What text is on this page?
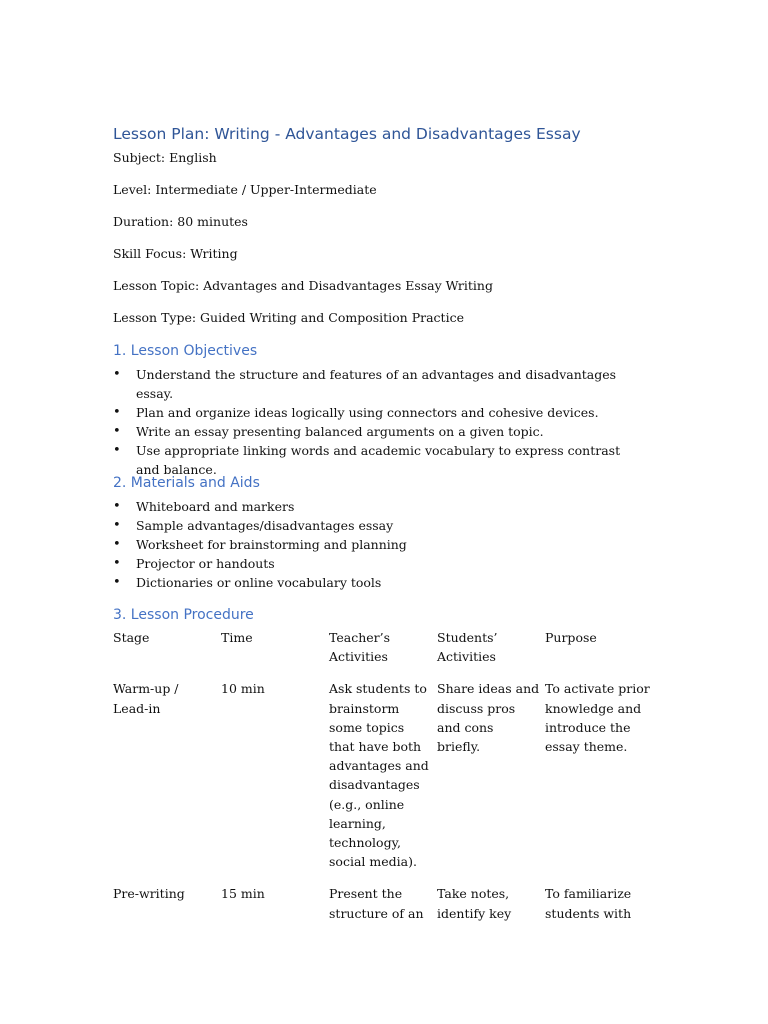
Lesson Plan: Writing - Advantages and Disadvantages Essay

Subject: English

Level: Intermediate / Upper-Intermediate

Duration: 80 minutes

Skill Focus: Writing

Lesson Topic: Advantages and Disadvantages Essay Writing

Lesson Type: Guided Writing and Composition Practice

1. Lesson Objectives
• Understand the structure and features of an advantages and disadvantages essay.
• Plan and organize ideas logically using connectors and cohesive devices.
• Write an essay presenting balanced arguments on a given topic.
• Use appropriate linking words and academic vocabulary to express contrast and balance.
2. Materials and Aids
• Whiteboard and markers
• Sample advantages/disadvantages essay
• Worksheet for brainstorming and planning
• Projector or handouts
• Dictionaries or online vocabulary tools
3. Lesson Procedure
Stage	Time	Teacher’s Activities	Students’ Activities	Purpose
Warm-up / Lead-in	10 min	Ask students to brainstorm some topics that have both advantages and disadvantages (e.g., online learning, technology, social media).	Share ideas and discuss pros and cons briefly.	To activate prior knowledge and introduce the essay theme.
Pre-writing	15 min	Present the structure of an	Take notes, identify key	To familiarize students with
